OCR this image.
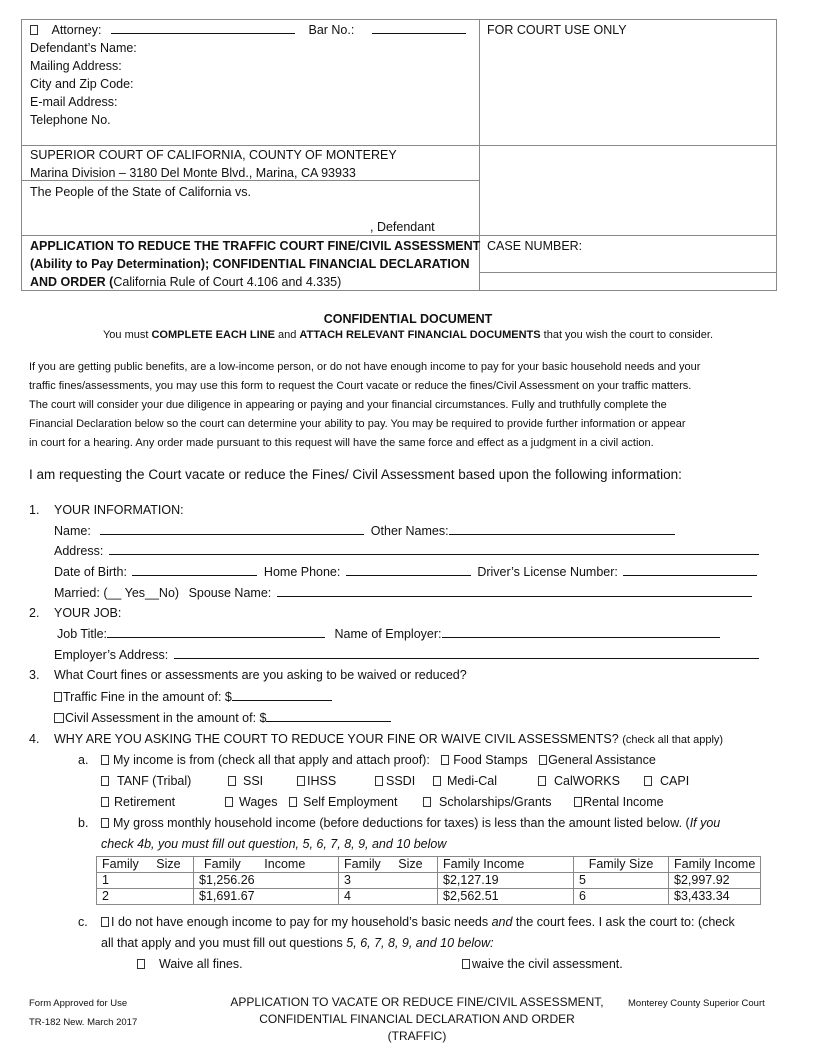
Attorney:	Bar No.:
Defendant’s Name:
Mailing Address:
City and Zip Code:
E-mail Address:
Telephone No.
FOR COURT USE ONLY
SUPERIOR COURT OF CALIFORNIA, COUNTY OF MONTEREY
Marina Division – 3180 Del Monte Blvd., Marina, CA 93933
The People of the State of California vs.
, Defendant
APPLICATION TO REDUCE THE TRAFFIC COURT FINE/CIVIL ASSESSMENT
(Ability to Pay Determination); CONFIDENTIAL FINANCIAL DECLARATION
AND ORDER (California Rule of Court 4.106 and 4.335)
CASE NUMBER:
CONFIDENTIAL DOCUMENT
You must COMPLETE EACH LINE and ATTACH RELEVANT FINANCIAL DOCUMENTS that you wish the court to consider.
If you are getting public benefits, are a low-income person, or do not have enough income to pay for your basic household needs and your
traffic fines/assessments, you may use this form to request the Court vacate or reduce the fines/Civil Assessment on your traffic matters.
The court will consider your due diligence in appearing or paying and your financial circumstances. Fully and truthfully complete the
Financial Declaration below so the court can determine your ability to pay. You may be required to provide further information or appear
in court for a hearing. Any order made pursuant to this request will have the same force and effect as a judgment in a civil action.
I am requesting the Court vacate or reduce the Fines/ Civil Assessment based upon the following information:
1. YOUR INFORMATION:
Name:	Other Names:
Address:
Date of Birth:	Home Phone:	Driver’s License Number:
Married: (__ Yes__No) Spouse Name:
2. YOUR JOB:
Job Title:	Name of Employer:
Employer’s Address:
3. What Court fines or assessments are you asking to be waived or reduced?
Traffic Fine in the amount of: $
Civil Assessment in the amount of: $
4. WHY ARE YOU ASKING THE COURT TO REDUCE YOUR FINE OR WAIVE CIVIL ASSESSMENTS? (check all that apply)
a.	My income is from (check all that apply and attach proof): Food Stamps General Assistance
TANF (Tribal)	SSI	IHSS	SSDI	Medi-Cal	CalWORKS	CAPI
Retirement	Wages	Self Employment	Scholarships/Grants	Rental Income
b.	My gross monthly household income (before deductions for taxes) is less than the amount listed below. (If you
check 4b, you must fill out question, 5, 6, 7, 8, 9, and 10 below
Family Size	Family Income	Family Size	Family Income	Family Size	Family Income
1	$1,256.26	3	$2,127.19	5	$2,997.92
2	$1,691.67	4	$2,562.51	6	$3,433.34
c.	I do not have enough income to pay for my household’s basic needs and the court fees. I ask the court to: (check
all that apply and you must fill out questions 5, 6, 7, 8, 9, and 10 below:
Waive all fines.	waive the civil assessment.
Form Approved for Use
TR-182 New. March 2017
APPLICATION TO VACATE OR REDUCE FINE/CIVIL ASSESSMENT,
CONFIDENTIAL FINANCIAL DECLARATION AND ORDER
(TRAFFIC)
Monterey County Superior Court
